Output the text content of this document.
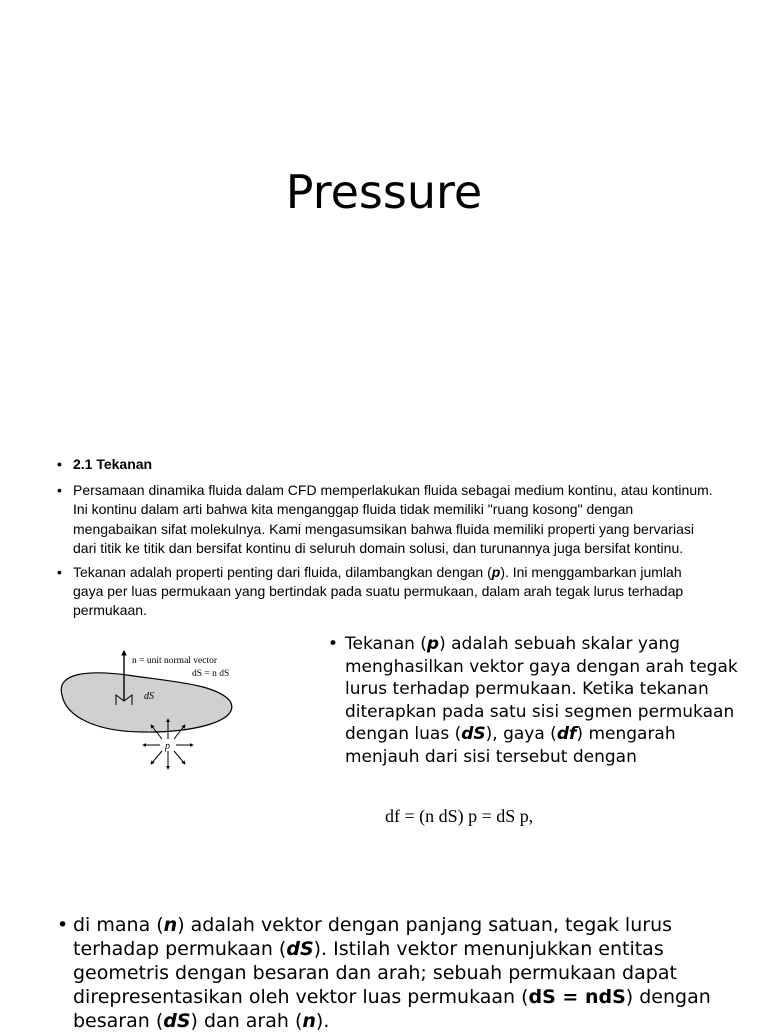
Pressure
• 2.1 Tekanan
• Persamaan dinamika fluida dalam CFD memperlakukan fluida sebagai medium kontinu, atau kontinum. Ini kontinu dalam arti bahwa kita menganggap fluida tidak memiliki "ruang kosong" dengan mengabaikan sifat molekulnya. Kami mengasumsikan bahwa fluida memiliki properti yang bervariasi dari titik ke titik dan bersifat kontinu di seluruh domain solusi, dan turunannya juga bersifat kontinu.
• Tekanan adalah properti penting dari fluida, dilambangkan dengan (p). Ini menggambarkan jumlah gaya per luas permukaan yang bertindak pada suatu permukaan, dalam arah tegak lurus terhadap permukaan.
n = unit normal vector
dS = n dS
dS
p
• Tekanan (p) adalah sebuah skalar yang menghasilkan vektor gaya dengan arah tegak lurus terhadap permukaan. Ketika tekanan diterapkan pada satu sisi segmen permukaan dengan luas (dS), gaya (df) mengarah menjauh dari sisi tersebut dengan
df = (n dS) p = dS p,
• di mana (n) adalah vektor dengan panjang satuan, tegak lurus terhadap permukaan (dS). Istilah vektor menunjukkan entitas geometris dengan besaran dan arah; sebuah permukaan dapat direpresentasikan oleh vektor luas permukaan (dS = ndS) dengan besaran (dS) dan arah (n).
